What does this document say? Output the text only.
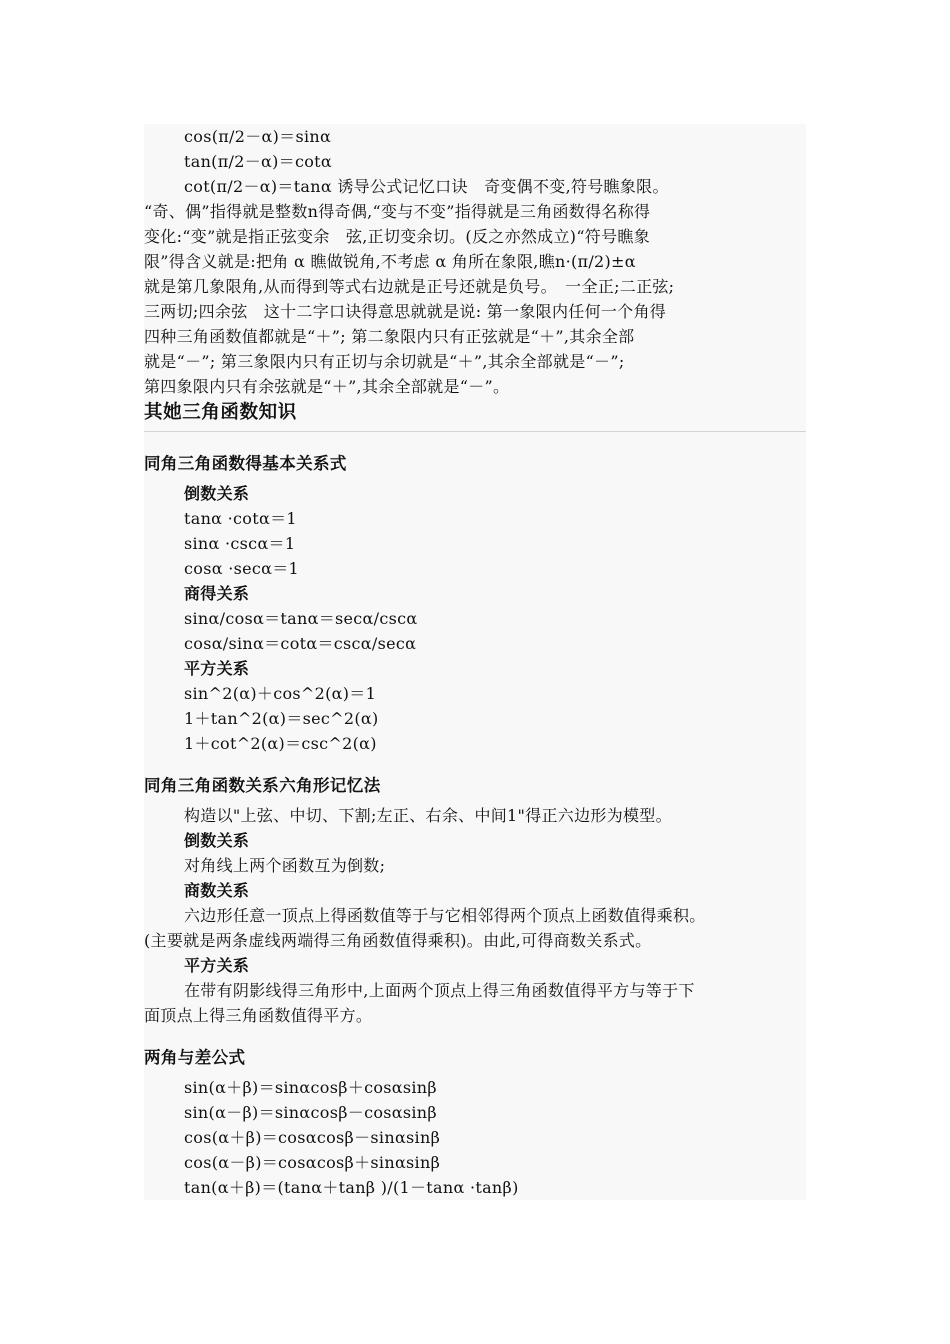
cos(π/2－α)＝sinα
tan(π/2－α)＝cotα
cot(π/2－α)＝tanα 诱导公式记忆口诀　奇变偶不变,符号瞧象限。
“奇、偶”指得就是整数n得奇偶,“变与不变”指得就是三角函数得名称得
变化:“变”就是指正弦变余　弦,正切变余切。(反之亦然成立)“符号瞧象
限”得含义就是:把角 α 瞧做锐角,不考虑 α 角所在象限,瞧n·(π/2)±α
就是第几象限角,从而得到等式右边就是正号还就是负号。　一全正;二正弦;
三两切;四余弦　这十二字口诀得意思就就是说: 第一象限内任何一个角得
四种三角函数值都就是“＋”; 第二象限内只有正弦就是“＋”,其余全部
就是“－”; 第三象限内只有正切与余切就是“＋”,其余全部就是“－”;
第四象限内只有余弦就是“＋”,其余全部就是“－”。
其她三角函数知识
同角三角函数得基本关系式
倒数关系
tanα ·cotα＝1
sinα ·cscα＝1
cosα ·secα＝1
商得关系
sinα/cosα＝tanα＝secα/cscα
cosα/sinα＝cotα＝cscα/secα
平方关系
sin^2(α)＋cos^2(α)＝1
1＋tan^2(α)＝sec^2(α)
1＋cot^2(α)＝csc^2(α)
同角三角函数关系六角形记忆法
构造以"上弦、中切、下割;左正、右余、中间1"得正六边形为模型。
倒数关系
对角线上两个函数互为倒数;
商数关系
六边形任意一顶点上得函数值等于与它相邻得两个顶点上函数值得乘积。
(主要就是两条虚线两端得三角函数值得乘积)。由此,可得商数关系式。
平方关系
在带有阴影线得三角形中,上面两个顶点上得三角函数值得平方与等于下
面顶点上得三角函数值得平方。
两角与差公式
sin(α＋β)＝sinαcosβ＋cosαsinβ
sin(α－β)＝sinαcosβ－cosαsinβ
cos(α＋β)＝cosαcosβ－sinαsinβ
cos(α－β)＝cosαcosβ＋sinαsinβ
tan(α＋β)＝(tanα＋tanβ )/(1－tanα ·tanβ)
